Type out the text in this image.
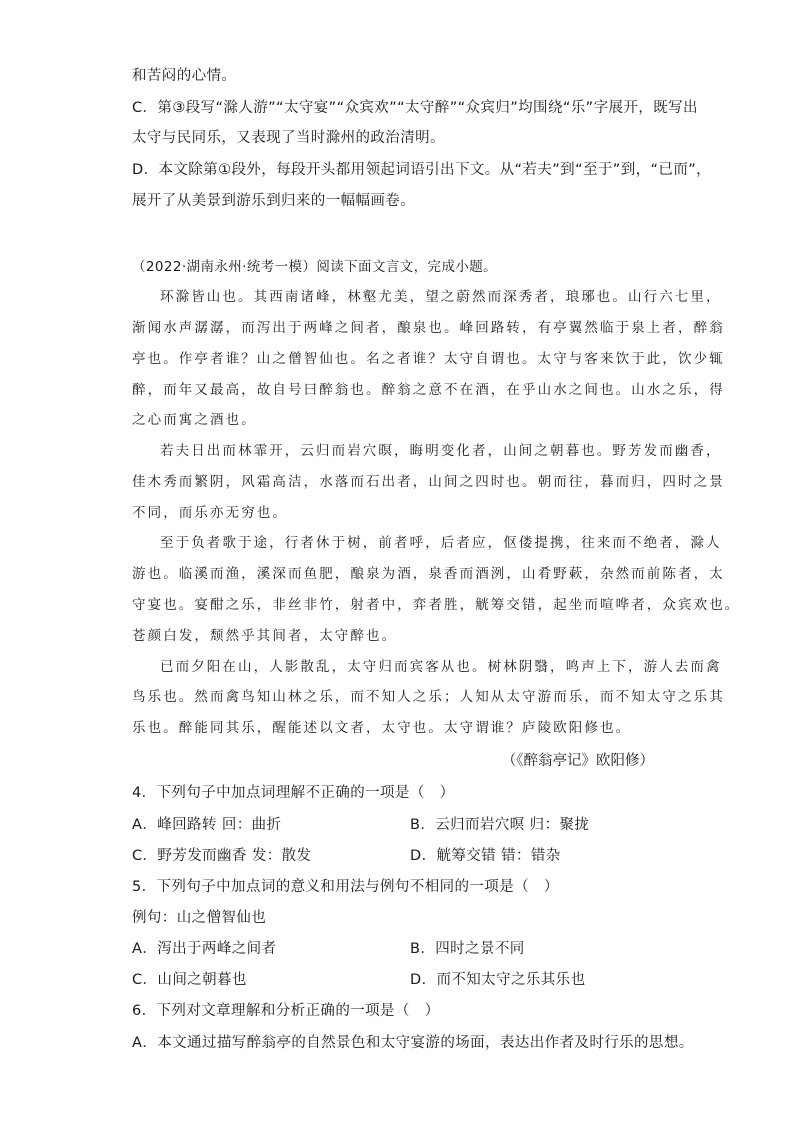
和苦闷的心情。
C．第③段写“滁人游”“太守宴”“众宾欢”“太守醉”“众宾归”均围绕“乐”字展开，既写出
太守与民同乐，又表现了当时滁州的政治清明。
D．本文除第①段外，每段开头都用领起词语引出下文。从“若夫”到“至于”到，“已而”，
展开了从美景到游乐到归来的一幅幅画卷。
（2022·湖南永州·统考一模）阅读下面文言文，完成小题。
环滁皆山也。其西南诸峰，林壑尤美，望之蔚然而深秀者，琅琊也。山行六七里，
渐闻水声潺潺，而泻出于两峰之间者，酿泉也。峰回路转，有亭翼然临于泉上者，醉翁
亭也。作亭者谁？山之僧智仙也。名之者谁？太守自谓也。太守与客来饮于此，饮少辄
醉，而年又最高，故自号曰醉翁也。醉翁之意不在酒，在乎山水之间也。山水之乐，得
之心而寓之酒也。
若夫日出而林霏开，云归而岩穴暝，晦明变化者，山间之朝暮也。野芳发而幽香，
佳木秀而繁阴，风霜高洁，水落而石出者，山间之四时也。朝而往，暮而归，四时之景
不同，而乐亦无穷也。
至于负者歌于途，行者休于树，前者呼，后者应，伛偻提携，往来而不绝者，滁人
游也。临溪而渔，溪深而鱼肥，酿泉为酒，泉香而酒洌，山肴野蔌，杂然而前陈者，太
守宴也。宴酣之乐，非丝非竹，射者中，弈者胜，觥筹交错，起坐而喧哗者，众宾欢也。
苍颜白发，颓然乎其间者，太守醉也。
已而夕阳在山，人影散乱，太守归而宾客从也。树林阴翳，鸣声上下，游人去而禽
鸟乐也。然而禽鸟知山林之乐，而不知人之乐；人知从太守游而乐，而不知太守之乐其
乐也。醉能同其乐，醒能述以文者，太守也。太守谓谁？庐陵欧阳修也。
（《醉翁亭记》欧阳修）
4．下列句子中加点词理解不正确的一项是（　）
A．峰回路转 回：曲折	B．云归而岩穴暝 归：聚拢
C．野芳发而幽香 发：散发	D．觥筹交错 错：错杂
5．下列句子中加点词的意义和用法与例句不相同的一项是（　）
例句：山之僧智仙也
A．泻出于两峰之间者	B．四时之景不同
C．山间之朝暮也	D．而不知太守之乐其乐也
6．下列对文章理解和分析正确的一项是（　）
A．本文通过描写醉翁亭的自然景色和太守宴游的场面，表达出作者及时行乐的思想。
